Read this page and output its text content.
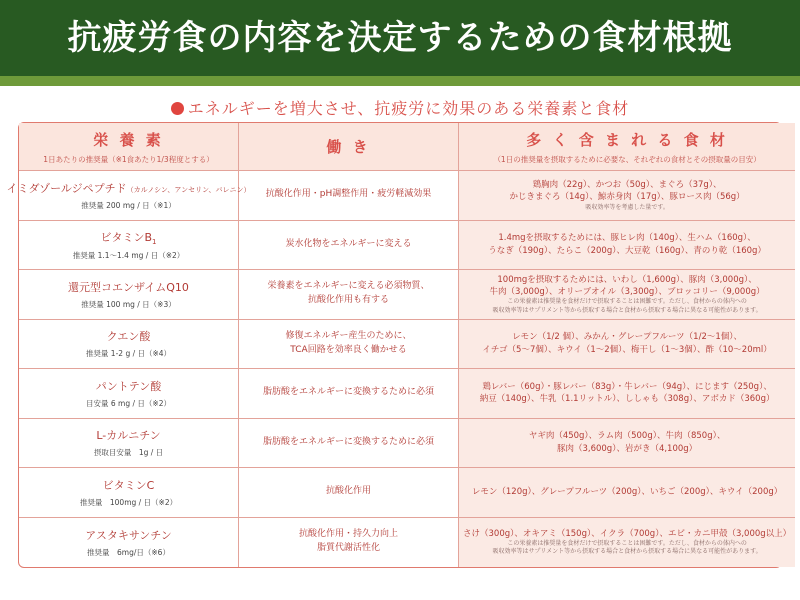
抗疲労食の内容を決定するための食材根拠
エネルギーを増大させ、抗疲労に効果のある栄養素と食材
栄 養 素
1日あたりの推奨量（※1食あたり1/3程度とする）
働 き	多 く 含 ま れ る 食 材
（1日の推奨量を摂取するために必要な、それぞれの食材とその摂取量の目安）
イミダゾールジペプチド（カルノシン、アンセリン、バレニン）
推奨量 200 mg / 日（※1）
抗酸化作用・pH調整作用・疲労軽減効果
鶏胸肉（22g）、かつお（50g）、まぐろ（37g）、
かじきまぐろ（14g）、鯨赤身肉（17g）、豚ロース肉（56g）
吸収効率等を考慮した量です。
ビタミン$B_1$
推奨量 1.1〜1.4 mg / 日（※2）
炭水化物をエネルギーに変える
1.4mgを摂取するためには、豚ヒレ肉（140g）、生ハム（160g）、
うなぎ（190g）、たらこ（200g）、大豆乾（160g）、青のり乾（160g）
還元型コエンザイムQ10
推奨量 100 mg / 日（※3）
栄養素をエネルギーに変える必須物質、
抗酸化作用も有する
100mgを摂取するためには、いわし（1,600g）、豚肉（3,000g）、
牛肉（3,000g）、オリーブオイル（3,300g）、ブロッコリー（9,000g）
この栄養素は推奨量を食材だけで摂取することは困難です。ただし、食材からの体内への
吸収効率等はサプリメント等から摂取する場合と食材から摂取する場合に異なる可能性があります。
クエン酸
推奨量 1-2 g / 日（※4）
修復エネルギー産生のために、
TCA回路を効率良く働かせる
レモン（1/2 個）、みかん・グレープフルーツ（1/2〜1個）、
イチゴ（5〜7個）、キウイ（1〜2個）、梅干し（1〜3個）、酢（10〜20ml）
パントテン酸
目安量 6 mg / 日（※2）
脂肪酸をエネルギーに変換するために必須
鶏レバー（60g）・豚レバー（83g）・牛レバー（94g）、にじます（250g）、
納豆（140g）、牛乳（1.1リットル）、ししゃも（308g）、アボカド（360g）
L-カルニチン
摂取目安量　1g / 日
脂肪酸をエネルギーに変換するために必須
ヤギ肉（450g）、ラム肉（500g）、牛肉（850g）、
豚肉（3,600g）、岩がき（4,100g）
ビタミンC
推奨量　100mg / 日（※2）
抗酸化作用	レモン（120g）、グレープフルーツ（200g）、いちご（200g）、キウイ（200g）
アスタキサンチン
推奨量　6mg/日（※6）
抗酸化作用・持久力向上
脂質代謝活性化
さけ（300g）、オキアミ（150g）、イクラ（700g）、エビ・カニ甲殻（3,000g以上）
この栄養素は推奨量を食材だけで摂取することは困難です。ただし、食材からの体内への
吸収効率等はサプリメント等から摂取する場合と食材から摂取する場合に異なる可能性があります。
